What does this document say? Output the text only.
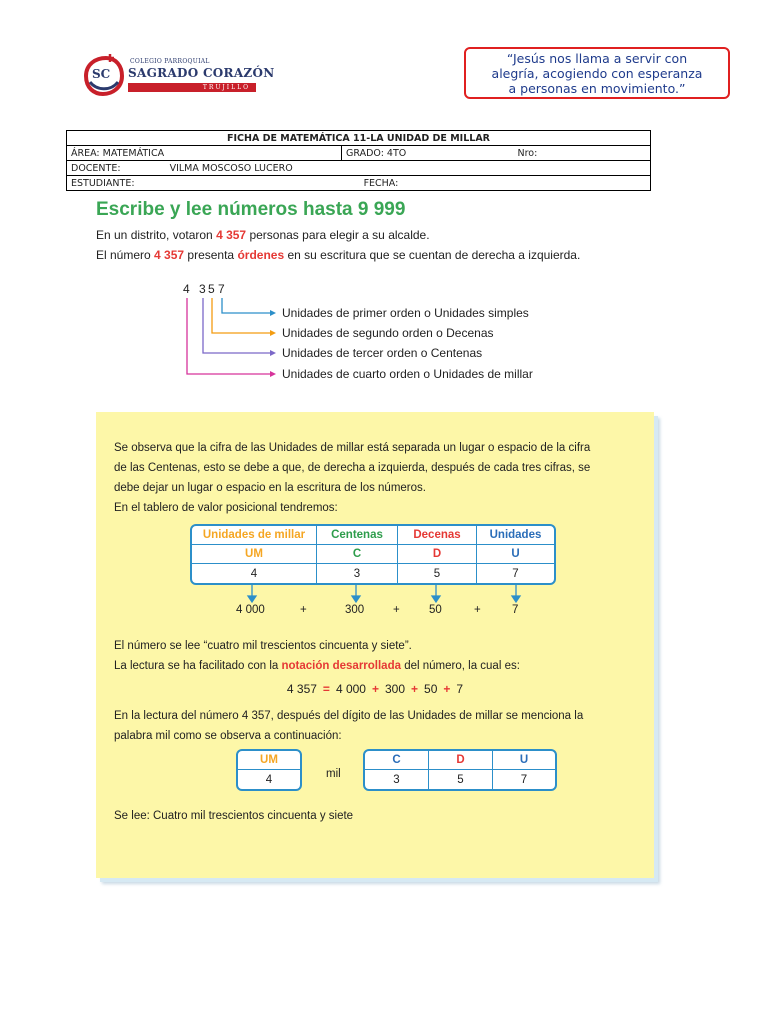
SC
COLEGIO PARROQUIAL
SAGRADO CORAZÓN
TRUJILLO
“Jesús nos llama a servir con
alegría, acogiendo con esperanza
a personas en movimiento.”
FICHA DE MATEMÁTICA 11-LA UNIDAD DE MILLAR
ÁREA: MATEMÁTICA	GRADO: 4TO	Nro:
DOCENTE:	VILMA MOSCOSO LUCERO
ESTUDIANTE:	FECHA:
Escribe y lee números hasta 9 999
En un distrito, votaron 4 357 personas para elegir a su alcalde.
El número 4 357 presenta órdenes en su escritura que se cuentan de derecha a izquierda.
4 3 5 7
Unidades de primer orden o Unidades simples
Unidades de segundo orden o Decenas
Unidades de tercer orden o Centenas
Unidades de cuarto orden o Unidades de millar
Se observa que la cifra de las Unidades de millar está separada un lugar o espacio de la cifra
de las Centenas, esto se debe a que, de derecha a izquierda, después de cada tres cifras, se
debe dejar un lugar o espacio en la escritura de los números.
En el tablero de valor posicional tendremos:
Unidades de millar	Centenas	Decenas	Unidades
UM	C	D	U
4	3	5	7
4 000	+	300	+	50	+	7
El número se lee “cuatro mil trescientos cincuenta y siete”.
La lectura se ha facilitado con la notación desarrollada del número, la cual es:
4 357 = 4 000 + 300 + 50 + 7
En la lectura del número 4 357, después del dígito de las Unidades de millar se menciona la
palabra mil como se observa a continuación:
UM
4	mil
C	D	U
3	5	7
Se lee: Cuatro mil trescientos cincuenta y siete
